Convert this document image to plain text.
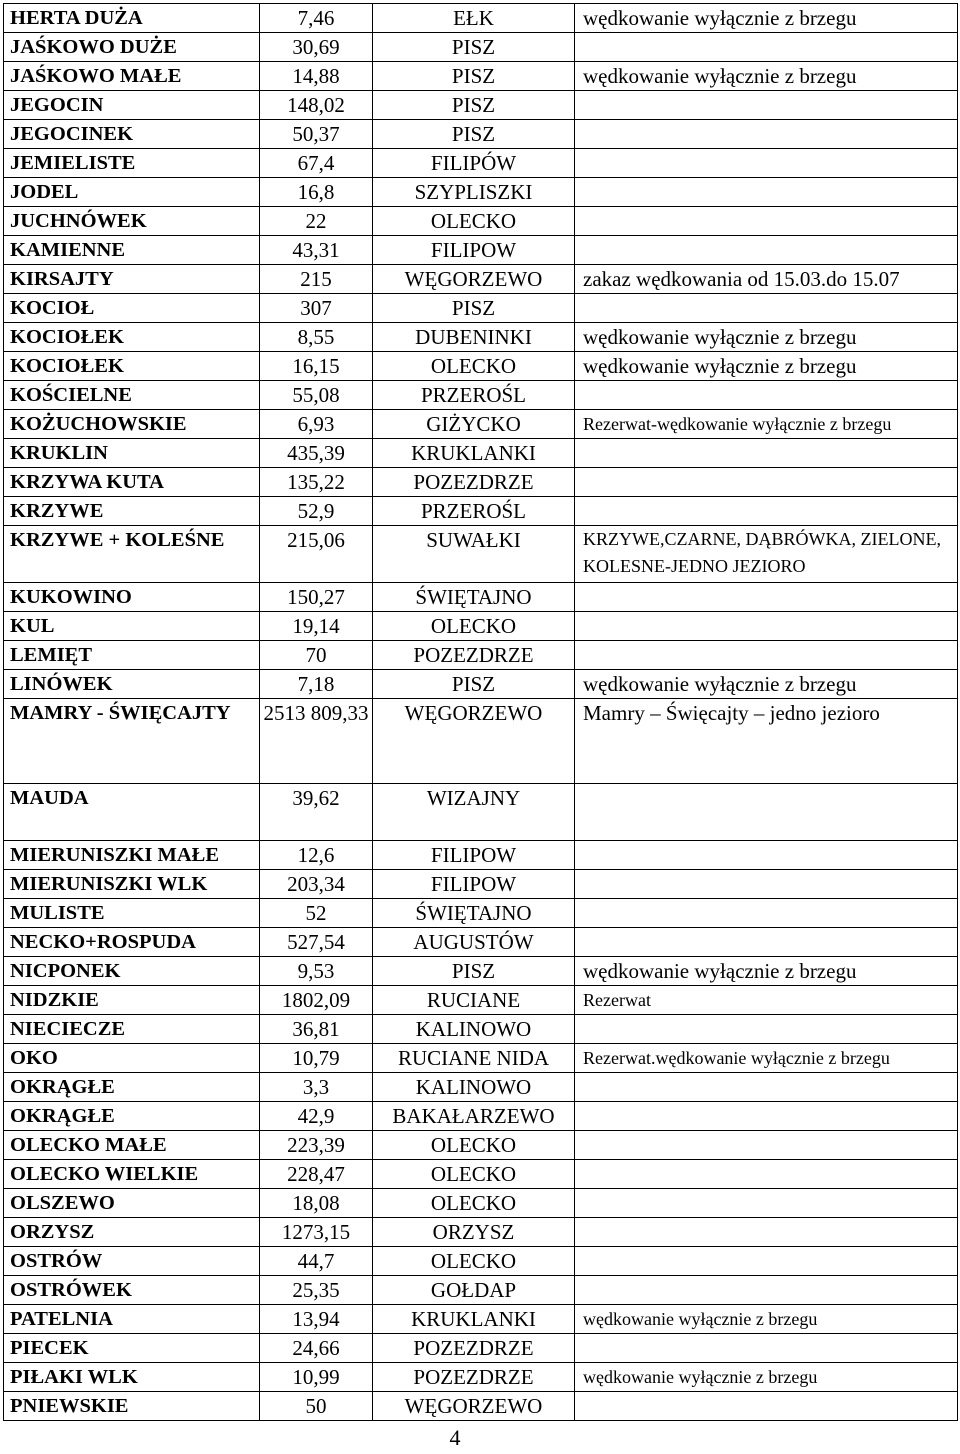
HERTA DUŻA	7,46	EŁK	wędkowanie wyłącznie z brzegu
JAŚKOWO DUŻE	30,69	PISZ	
JAŚKOWO MAŁE	14,88	PISZ	wędkowanie wyłącznie z brzegu
JEGOCIN	148,02	PISZ	
JEGOCINEK	50,37	PISZ	
JEMIELISTE	67,4	FILIPÓW	
JODEL	16,8	SZYPLISZKI	
JUCHNÓWEK	22	OLECKO	
KAMIENNE	43,31	FILIPOW	
KIRSAJTY	215	WĘGORZEWO	zakaz wędkowania od 15.03.do 15.07
KOCIOŁ	307	PISZ	
KOCIOŁEK	8,55	DUBENINKI	wędkowanie wyłącznie z brzegu
KOCIOŁEK	16,15	OLECKO	wędkowanie wyłącznie z brzegu
KOŚCIELNE	55,08	PRZEROŚL	
KOŻUCHOWSKIE	6,93	GIŻYCKO	Rezerwat-wędkowanie wyłącznie z brzegu
KRUKLIN	435,39	KRUKLANKI	
KRZYWA KUTA	135,22	POZEZDRZE	
KRZYWE	52,9	PRZEROŚL	
KRZYWE + KOLEŚNE	215,06	SUWAŁKI	KRZYWE,CZARNE, DĄBRÓWKA, ZIELONE, KOLESNE-JEDNO JEZIORO
KUKOWINO	150,27	ŚWIĘTAJNO	
KUL	19,14	OLECKO	
LEMIĘT	70	POZEZDRZE	
LINÓWEK	7,18	PISZ	wędkowanie wyłącznie z brzegu
MAMRY - ŚWIĘCAJTY	2513 809,33	WĘGORZEWO	Mamry – Święcajty – jedno jezioro
MAUDA	39,62	WIZAJNY	
MIERUNISZKI MAŁE	12,6	FILIPOW	
MIERUNISZKI WLK	203,34	FILIPOW	
MULISTE	52	ŚWIĘTAJNO	
NECKO+ROSPUDA	527,54	AUGUSTÓW	
NICPONEK	9,53	PISZ	wędkowanie wyłącznie z brzegu
NIDZKIE	1802,09	RUCIANE	Rezerwat
NIECIECZE	36,81	KALINOWO	
OKO	10,79	RUCIANE NIDA	Rezerwat.wędkowanie wyłącznie z brzegu
OKRĄGŁE	3,3	KALINOWO	
OKRĄGŁE	42,9	BAKAŁARZEWO	
OLECKO MAŁE	223,39	OLECKO	
OLECKO WIELKIE	228,47	OLECKO	
OLSZEWO	18,08	OLECKO	
ORZYSZ	1273,15	ORZYSZ	
OSTRÓW	44,7	OLECKO	
OSTRÓWEK	25,35	GOŁDAP	
PATELNIA	13,94	KRUKLANKI	wędkowanie wyłącznie z brzegu
PIECEK	24,66	POZEZDRZE	
PIŁAKI WLK	10,99	POZEZDRZE	wędkowanie wyłącznie z brzegu
PNIEWSKIE	50	WĘGORZEWO	
4
